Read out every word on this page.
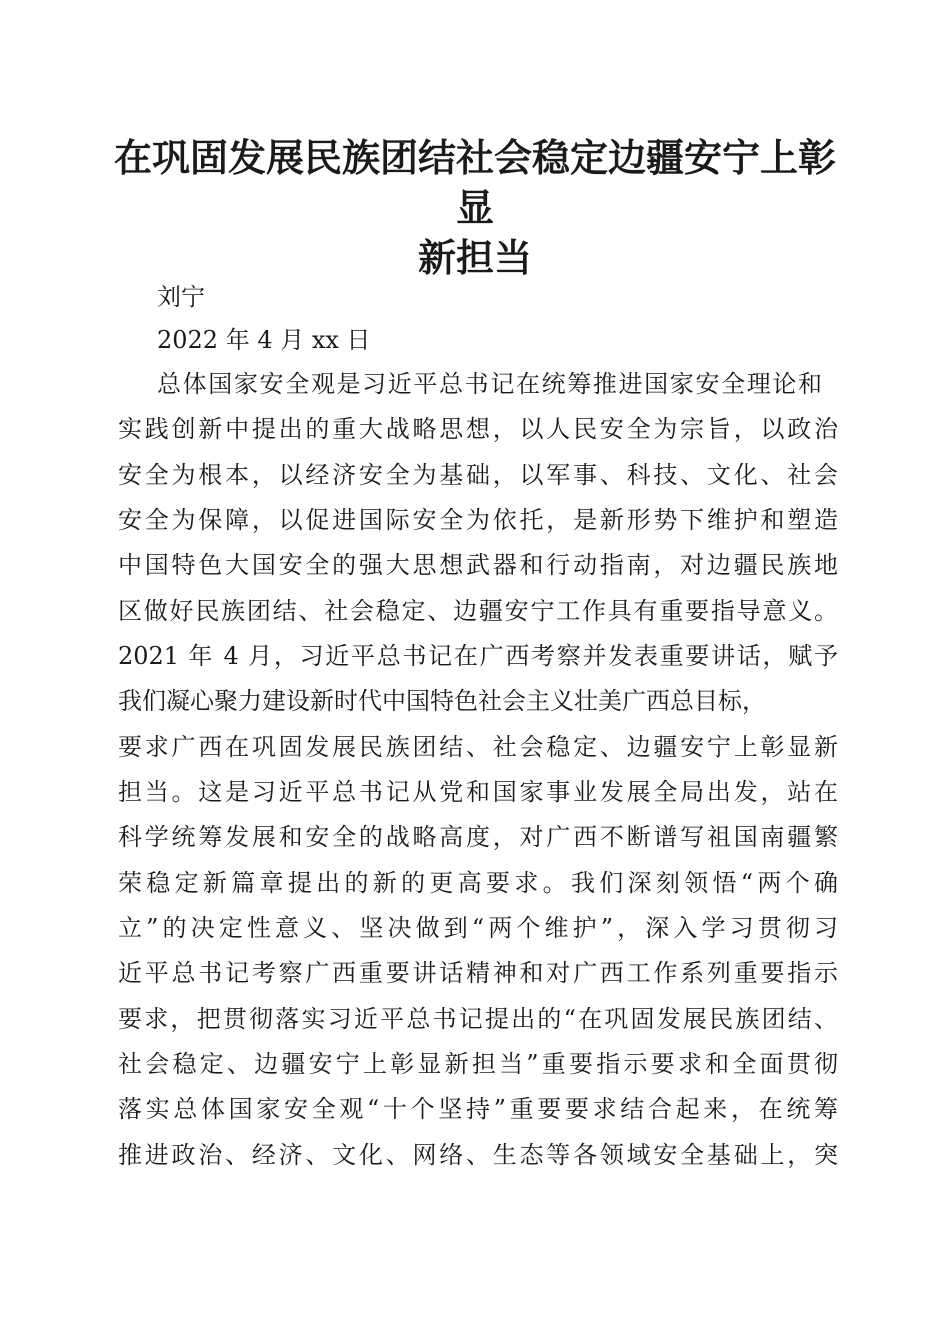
在巩固发展民族团结社会稳定边疆安宁上彰显
新担当
刘宁
2022 年 4 月 xx 日
总体国家安全观是习近平总书记在统筹推进国家安全理论和
实践创新中提出的重大战略思想，以人民安全为宗旨，以政治
安全为根本，以经济安全为基础，以军事、科技、文化、社会
安全为保障，以促进国际安全为依托，是新形势下维护和塑造
中国特色大国安全的强大思想武器和行动指南，对边疆民族地
区做好民族团结、社会稳定、边疆安宁工作具有重要指导意义。
2021 年 4 月，习近平总书记在广西考察并发表重要讲话，赋予
我们凝心聚力建设新时代中国特色社会主义壮美广西总目标，
要求广西在巩固发展民族团结、社会稳定、边疆安宁上彰显新
担当。这是习近平总书记从党和国家事业发展全局出发，站在
科学统筹发展和安全的战略高度，对广西不断谱写祖国南疆繁
荣稳定新篇章提出的新的更高要求。我们深刻领悟“两个确
立”的决定性意义、坚决做到“两个维护”，深入学习贯彻习
近平总书记考察广西重要讲话精神和对广西工作系列重要指示
要求，把贯彻落实习近平总书记提出的“在巩固发展民族团结、
社会稳定、边疆安宁上彰显新担当”重要指示要求和全面贯彻
落实总体国家安全观“十个坚持”重要要求结合起来，在统筹
推进政治、经济、文化、网络、生态等各领域安全基础上，突
